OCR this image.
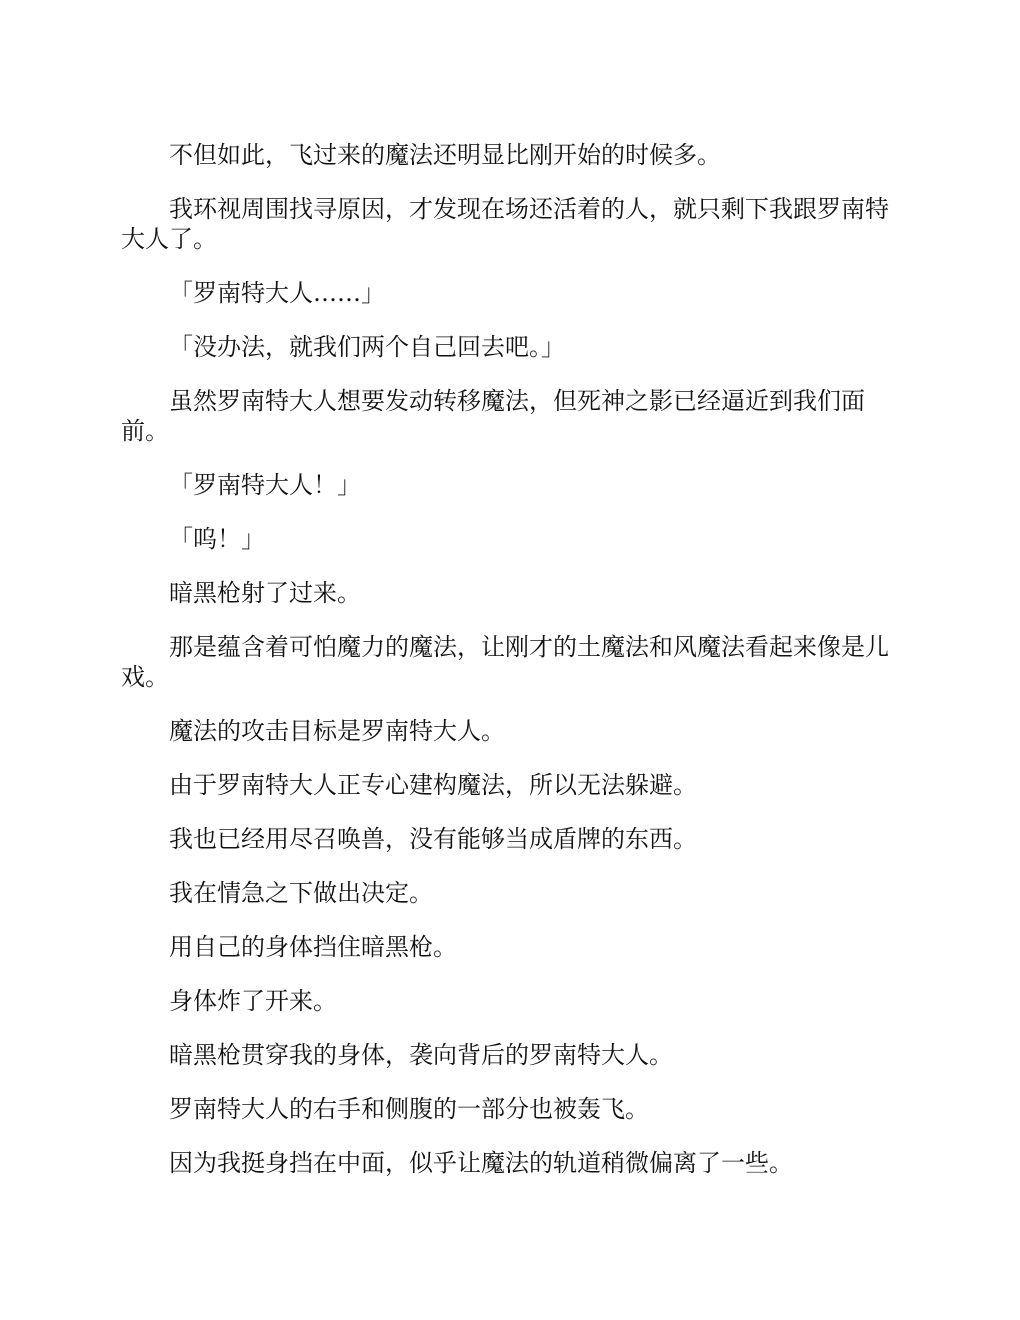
不但如此，飞过来的魔法还明显比刚开始的时候多。

我环视周围找寻原因，才发现在场还活着的人，就只剩下我跟罗南特大人了。

「罗南特大人……」

「没办法，就我们两个自己回去吧。」

虽然罗南特大人想要发动转移魔法，但死神之影已经逼近到我们面前。

「罗南特大人！」

「呜！」

暗黑枪射了过来。

那是蕴含着可怕魔力的魔法，让刚才的土魔法和风魔法看起来像是儿戏。

魔法的攻击目标是罗南特大人。

由于罗南特大人正专心建构魔法，所以无法躲避。

我也已经用尽召唤兽，没有能够当成盾牌的东西。

我在情急之下做出决定。

用自己的身体挡住暗黑枪。

身体炸了开来。

暗黑枪贯穿我的身体，袭向背后的罗南特大人。

罗南特大人的右手和侧腹的一部分也被轰飞。

因为我挺身挡在中面，似乎让魔法的轨道稍微偏离了一些。
